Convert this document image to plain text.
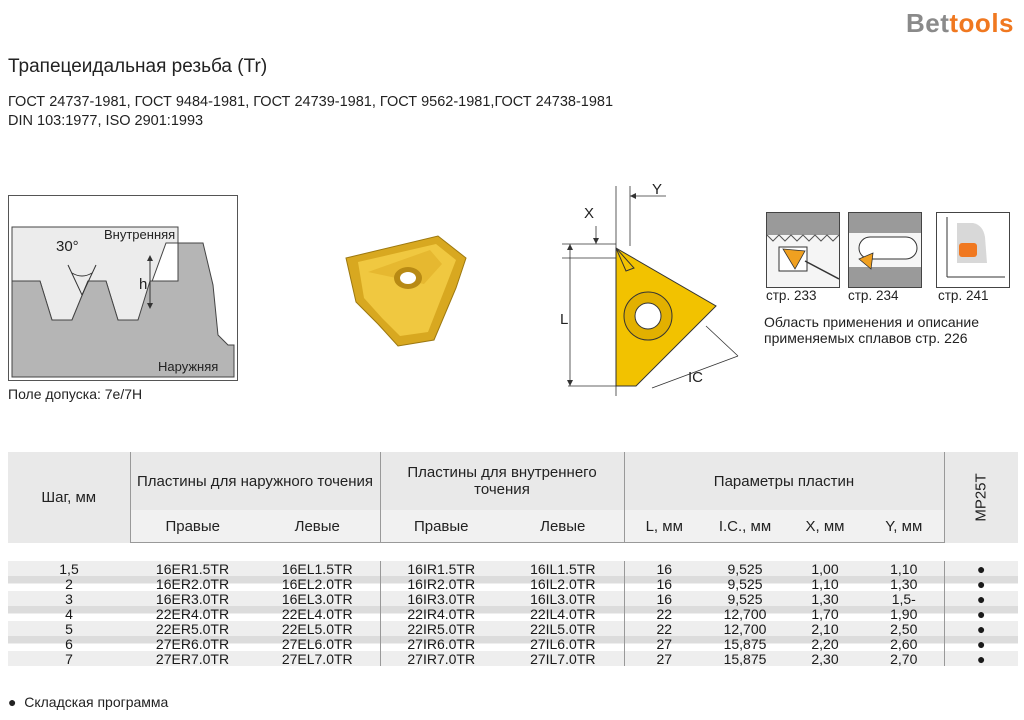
Bettools
Трапецеидальная резьба (Tr)
ГОСТ 24737-1981, ГОСТ 9484-1981, ГОСТ 24739-1981, ГОСТ 9562-1981,ГОСТ 24738-1981
DIN 103:1977, ISO 2901:1993
30°
Внутренняя
Наружняя
h
Поле допуска: 7е/7Н
Y
X
L
IC
стр. 233 стр. 234	стр. 241
Область применения и описание
применяемых сплавов стр. 226
Шаг, мм	Пластины для наружного точения		Пластины для внутреннего точения		Параметры пластин				MP25T
	Правые	Левые	Правые	Левые	L, мм	I.C., мм	X, мм	Y, мм	

1,5	16ER1.5TR	16EL1.5TR	16IR1.5TR	16IL1.5TR	16	9,525	1,00	1,10	●
2	16ER2.0TR	16EL2.0TR	16IR2.0TR	16IL2.0TR	16	9,525	1,10	1,30	●
3	16ER3.0TR	16EL3.0TR	16IR3.0TR	16IL3.0TR	16	9,525	1,30	1,5-	●
4	22ER4.0TR	22EL4.0TR	22IR4.0TR	22IL4.0TR	22	12,700	1,70	1,90	●
5	22ER5.0TR	22EL5.0TR	22IR5.0TR	22IL5.0TR	22	12,700	2,10	2,50	●
6	27ER6.0TR	27EL6.0TR	27IR6.0TR	27IL6.0TR	27	15,875	2,20	2,60	●
7	27ER7.0TR	27EL7.0TR	27IR7.0TR	27IL7.0TR	27	15,875	2,30	2,70	●
●  Складская программа
